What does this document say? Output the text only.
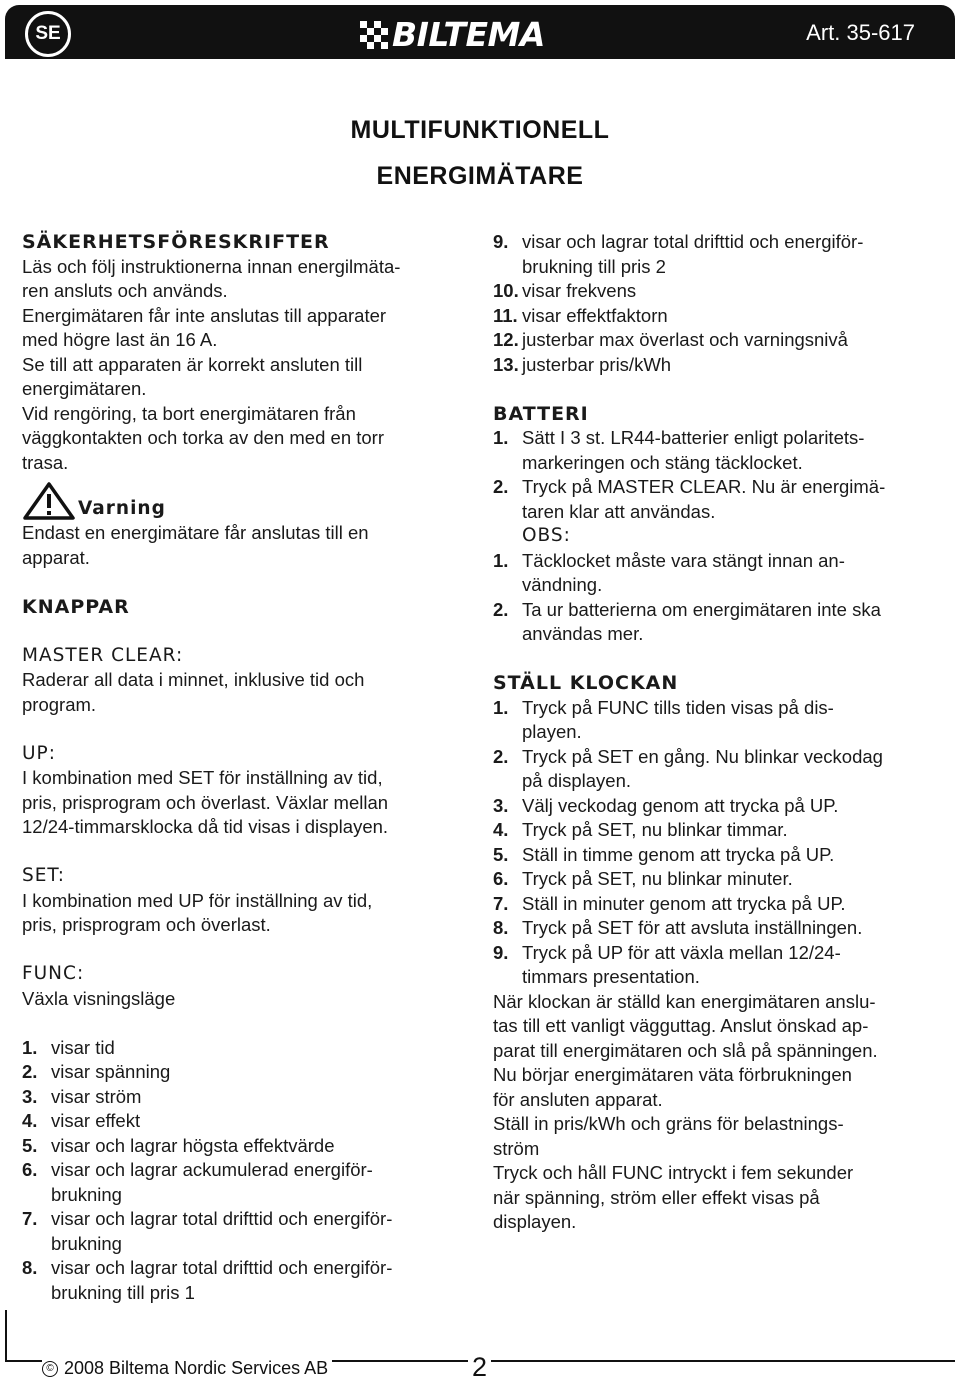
SE	BILTEMA	Art. 35-617
MULTIFUNKTIONELL
ENERGIMÄTARE
SÄKERHETSFÖRESKRIFTER

Läs och följ instruktionerna innan energilmäta-

ren ansluts och används.

Energimätaren får inte anslutas till apparater

med högre last än 16 A.

Se till att apparaten är korrekt ansluten till

energimätaren.

Vid rengöring, ta bort energimätaren från

väggkontakten och torka av den med en torr

trasa.

Varning

Endast en energimätare får anslutas till en

apparat.

KNAPPAR
MASTER CLEAR:

Raderar all data i minnet, inklusive tid och

program.

UP:

I kombination med SET för inställning av tid,

pris, prisprogram och överlast. Växlar mellan

12/24-timmarsklocka då tid visas i displayen.

SET:

I kombination med UP för inställning av tid,

pris, prisprogram och överlast.

FUNC:

Växla visningsläge

1. visar tid
2. visar spänning
3. visar ström
4. visar effekt
5. visar och lagrar högsta effektvärde
6. visar och lagrar ackumulerad energiför-
brukning
7. visar och lagrar total drifttid och energiför-
brukning
8. visar och lagrar total drifttid och energiför-
brukning till pris 1
9. visar och lagrar total drifttid och energiför-
brukning till pris 2
10. visar frekvens
11. visar effektfaktorn
12. justerbar max överlast och varningsnivå
13. justerbar pris/kWh
BATTERI
1. Sätt I 3 st. LR44-batterier enligt polaritets-
markeringen och stäng täcklocket.
2. Tryck på MASTER CLEAR. Nu är energimä-
taren klar att användas.
OBS:
1. Täcklocket måste vara stängt innan an-
vändning.
2. Ta ur batterierna om energimätaren inte ska
användas mer.
STÄLL KLOCKAN
1. Tryck på FUNC tills tiden visas på dis-
playen.
2. Tryck på SET en gång. Nu blinkar veckodag
på displayen.
3. Välj veckodag genom att trycka på UP.
4. Tryck på SET, nu blinkar timmar.
5. Ställ in timme genom att trycka på UP.
6. Tryck på SET, nu blinkar minuter.
7. Ställ in minuter genom att trycka på UP.
8. Tryck på SET för att avsluta inställningen.
9. Tryck på UP för att växla mellan 12/24-
timmars presentation.

När klockan är ställd kan energimätaren anslu-

tas till ett vanligt vägguttag. Anslut önskad ap-

parat till energimätaren och slå på spänningen.

Nu börjar energimätaren väta förbrukningen

för ansluten apparat.

Ställ in pris/kWh och gräns för belastnings-

ström

Tryck och håll FUNC intryckt i fem sekunder

när spänning, ström eller effekt visas på

displayen.

© 2008 Biltema Nordic Services AB	2
